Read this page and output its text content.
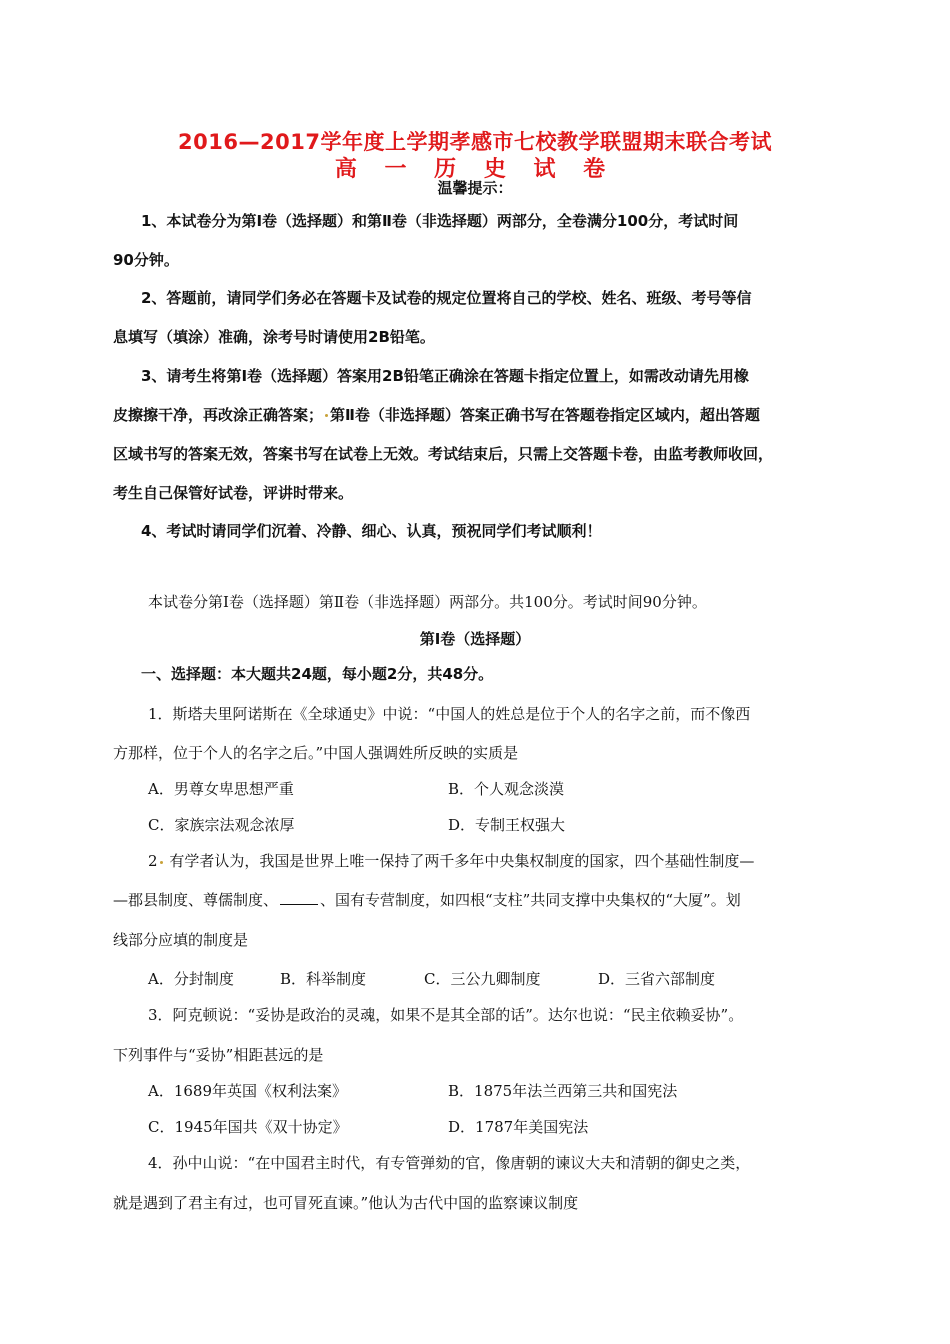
2016—2017学年度上学期孝感市七校教学联盟期末联合考试
高 一 历 史 试 卷
温馨提示：
1、本试卷分为第Ⅰ卷（选择题）和第Ⅱ卷（非选择题）两部分，全卷满分100分，考试时间
90分钟。
2、答题前，请同学们务必在答题卡及试卷的规定位置将自己的学校、姓名、班级、考号等信
息填写（填涂）准确，涂考号时请使用2B铅笔。
3、请考生将第Ⅰ卷（选择题）答案用2B铅笔正确涂在答题卡指定位置上，如需改动请先用橡
皮擦擦干净，再改涂正确答案； 第Ⅱ卷（非选择题）答案正确书写在答题卷指定区域内，超出答题
区域书写的答案无效，答案书写在试卷上无效。考试结束后，只需上交答题卡卷，由监考教师收回，
考生自己保管好试卷，评讲时带来。
4、考试时请同学们沉着、冷静、细心、认真，预祝同学们考试顺利！
本试卷分第Ⅰ卷（选择题）第Ⅱ卷（非选择题）两部分。共100分。考试时间90分钟。
第Ⅰ卷（选择题）
一、选择题：本大题共24题，每小题2分，共48分。
1．斯塔夫里阿诺斯在《全球通史》中说：“中国人的姓总是位于个人的名字之前，而不像西
方那样，位于个人的名字之后。”中国人强调姓所反映的实质是
A．男尊女卑思想严重	B．个人观念淡漠
C．家族宗法观念浓厚	D．专制王权强大
2 有学者认为，我国是世界上唯一保持了两千多年中央集权制度的国家，四个基础性制度—
—郡县制度、尊儒制度、	、国有专营制度，如四根“支柱”共同支撑中央集权的“大厦”。划
线部分应填的制度是
A．分封制度	B．科举制度	C．三公九卿制度	D．三省六部制度
3．阿克顿说：“妥协是政治的灵魂，如果不是其全部的话”。达尔也说：“民主依赖妥协”。
下列事件与“妥协”相距甚远的是
A．1689年英国《权利法案》	B．1875年法兰西第三共和国宪法
C．1945年国共《双十协定》	D．1787年美国宪法
4．孙中山说：“在中国君主时代，有专管弹劾的官，像唐朝的谏议大夫和清朝的御史之类，
就是遇到了君主有过，也可冒死直谏。”他认为古代中国的监察谏议制度
